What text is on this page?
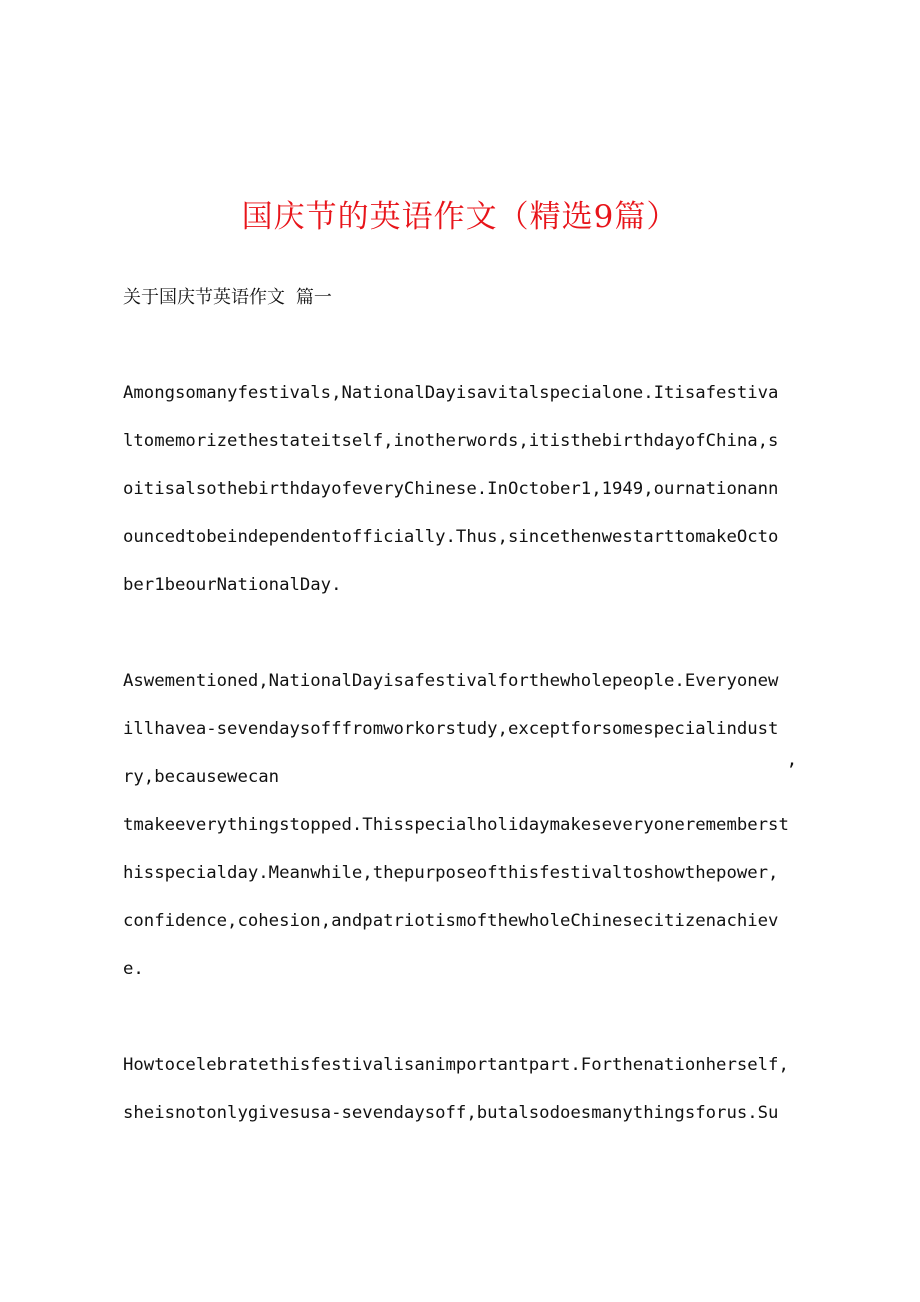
国庆节的英语作文（精选9篇）

关于国庆节英语作文 篇一

Amongsomanyfestivals,NationalDayisavitalspecialone.Itisafestiva

ltomemorizethestateitself,inotherwords,itisthebirthdayofChina,s

oitisalsothebirthdayofeveryChinese.InOctober1,1949,ournationann

ouncedtobeindependentofficially.Thus,sincethenwestarttomakeOcto

ber1beourNationalDay.

Aswementioned,NationalDayisafestivalforthewholepeople.Everyonew

illhavea-sevendaysofffromworkorstudy,exceptforsomespecialindust

ry,becausewecan	’

tmakeeverythingstopped.Thisspecialholidaymakeseveryonerememberst

hisspecialday.Meanwhile,thepurposeofthisfestivaltoshowthepower,

confidence,cohesion,andpatriotismofthewholeChinesecitizenachiev

e.

Howtocelebratethisfestivalisanimportantpart.Forthenationherself,

sheisnotonlygivesusa-sevendaysoff,butalsodoesmanythingsforus.Su
